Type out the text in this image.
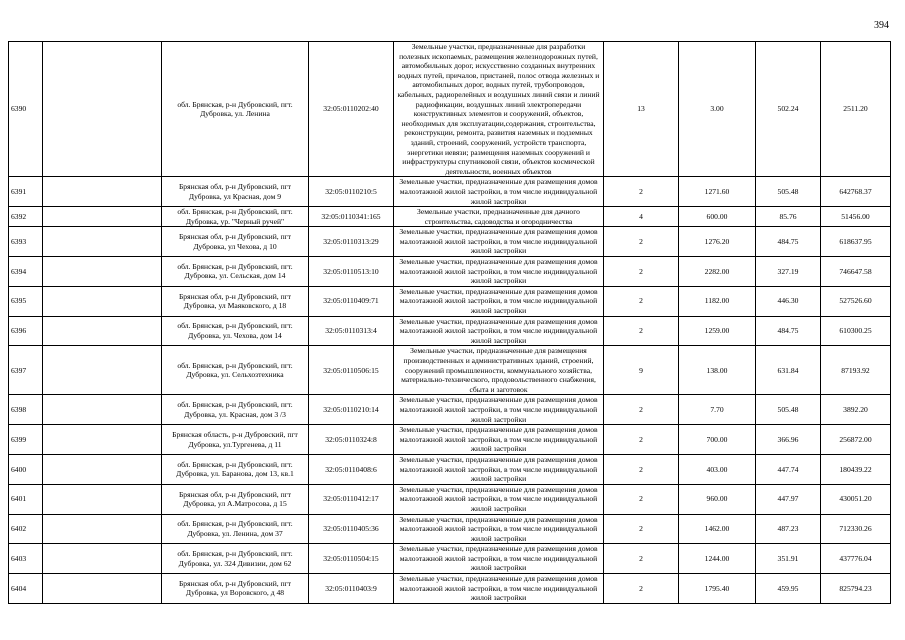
394
6390		обл. Брянская, р-н Дубровский, пгт. Дубровка, ул. Ленина	32:05:0110202:40	Земельные участки, предназначенные для разработки полезных ископаемых, размещения железнодорожных путей, автомобильных дорог, искусственно созданных внутренних водных путей, причалов, пристаней, полос отвода железных и автомобильных дорог, водных путей, трубопроводов, кабельных, радиорелейных и воздушных линий связи и линий радиофикации, воздушных линий электропередачи конструктивных элементов и сооружений, объектов, необходимых для эксплуатации,содержания, строительства, реконструкции, ремонта, развития наземных и подземных зданий, строений, сооружений, устройств транспорта, энергетики иевязи; размещения наземных сооружений и инфраструктуры спутниковой связи, объектов космической деятельности, военных объектов	13	3.00	502.24	2511.20
6391		Брянская обл, р-н Дубровский, пгт Дубровка, ул Красная, дом 9	32:05:0110210:5	Земельные участки, предназначенные для размещения домов малоэтажной жилой застройки, в том числе индивидуальной жилой застройки	2	1271.60	505.48	642768.37
6392		обл. Брянская, р-н Дубровский, пгт. Дубровка, ур. "Черный ручей"	32:05:0110341:165	Земельные участки, предназначенные для дачного строительства, садоводства и огородничества	4	600.00	85.76	51456.00
6393		Брянская обл, р-н Дубровский, пгт Дубровка, ул Чехова, д 10	32:05:0110313:29	Земельные участки, предназначенные для размещения домов малоэтажной жилой застройки, в том числе индивидуальной жилой застройки	2	1276.20	484.75	618637.95
6394		обл. Брянская, р-н Дубровский, пгт. Дубровка, ул. Сельская, дом 14	32:05:0110513:10	Земельные участки, предназначенные для размещения домов малоэтажной жилой застройки, в том числе индивидуальной жилой застройки	2	2282.00	327.19	746647.58
6395		Брянская обл, р-н Дубровский, пгт Дубровка, ул Маяковского, д 18	32:05:0110409:71	Земельные участки, предназначенные для размещения домов малоэтажной жилой застройки, в том числе индивидуальной жилой застройки	2	1182.00	446.30	527526.60
6396		обл. Брянская, р-н Дубровский, пгт. Дубровка, ул. Чехова, дом 14	32:05:0110313:4	Земельные участки, предназначенные для размещения домов малоэтажной жилой застройки, в том числе индивидуальной жилой застройки	2	1259.00	484.75	610300.25
6397		обл. Брянская, р-н Дубровский, пгт. Дубровка, ул. Сельхозтехника	32:05:0110506:15	Земельные участки, предназначенные для размещения производственных и административных зданий, строений, сооружений промышленности, коммунального хозяйства, материально-технического, продовольственного снабжения, сбыта и заготовок	9	138.00	631.84	87193.92
6398		обл. Брянская, р-н Дубровский, пгт. Дубровка, ул. Красная, дом 3 /3	32:05:0110210:14	Земельные участки, предназначенные для размещения домов малоэтажной жилой застройки, в том числе индивидуальной жилой застройки	2	7.70	505.48	3892.20
6399		Брянская область, р-н Дубровский, пгт Дубровка, ул.Тургенева, д 11	32:05:0110324:8	Земельные участки, предназначенные для размещения домов малоэтажной жилой застройки, в том числе индивидуальной жилой застройки	2	700.00	366.96	256872.00
6400		обл. Брянская, р-н Дубровский, пгт. Дубровка, ул. Баранова, дом 13, кв.1	32:05:0110408:6	Земельные участки, предназначенные для размещения домов малоэтажной жилой застройки, в том числе индивидуальной жилой застройки	2	403.00	447.74	180439.22
6401		Брянская обл, р-н Дубровский, пгт Дубровка, ул А.Матросова, д 15	32:05:0110412:17	Земельные участки, предназначенные для размещения домов малоэтажной жилой застройки, в том числе индивидуальной жилой застройки	2	960.00	447.97	430051.20
6402		обл. Брянская, р-н Дубровский, пгт. Дубровка, ул. Ленина, дом 37	32:05:0110405:36	Земельные участки, предназначенные для размещения домов малоэтажной жилой застройки, в том числе индивидуальной жилой застройки	2	1462.00	487.23	712330.26
6403		обл. Брянская, р-н Дубровский, пгт. Дубровка, ул. 324 Дивизии, дом 62	32:05:0110504:15	Земельные участки, предназначенные для размещения домов малоэтажной жилой застройки, в том числе индивидуальной жилой застройки	2	1244.00	351.91	437776.04
6404		Брянская обл, р-н Дубровский, пгт Дубровка, ул Воровского, д 48	32:05:0110403:9	Земельные участки, предназначенные для размещения домов малоэтажной жилой застройки, в том числе индивидуальной жилой застройки	2	1795.40	459.95	825794.23
